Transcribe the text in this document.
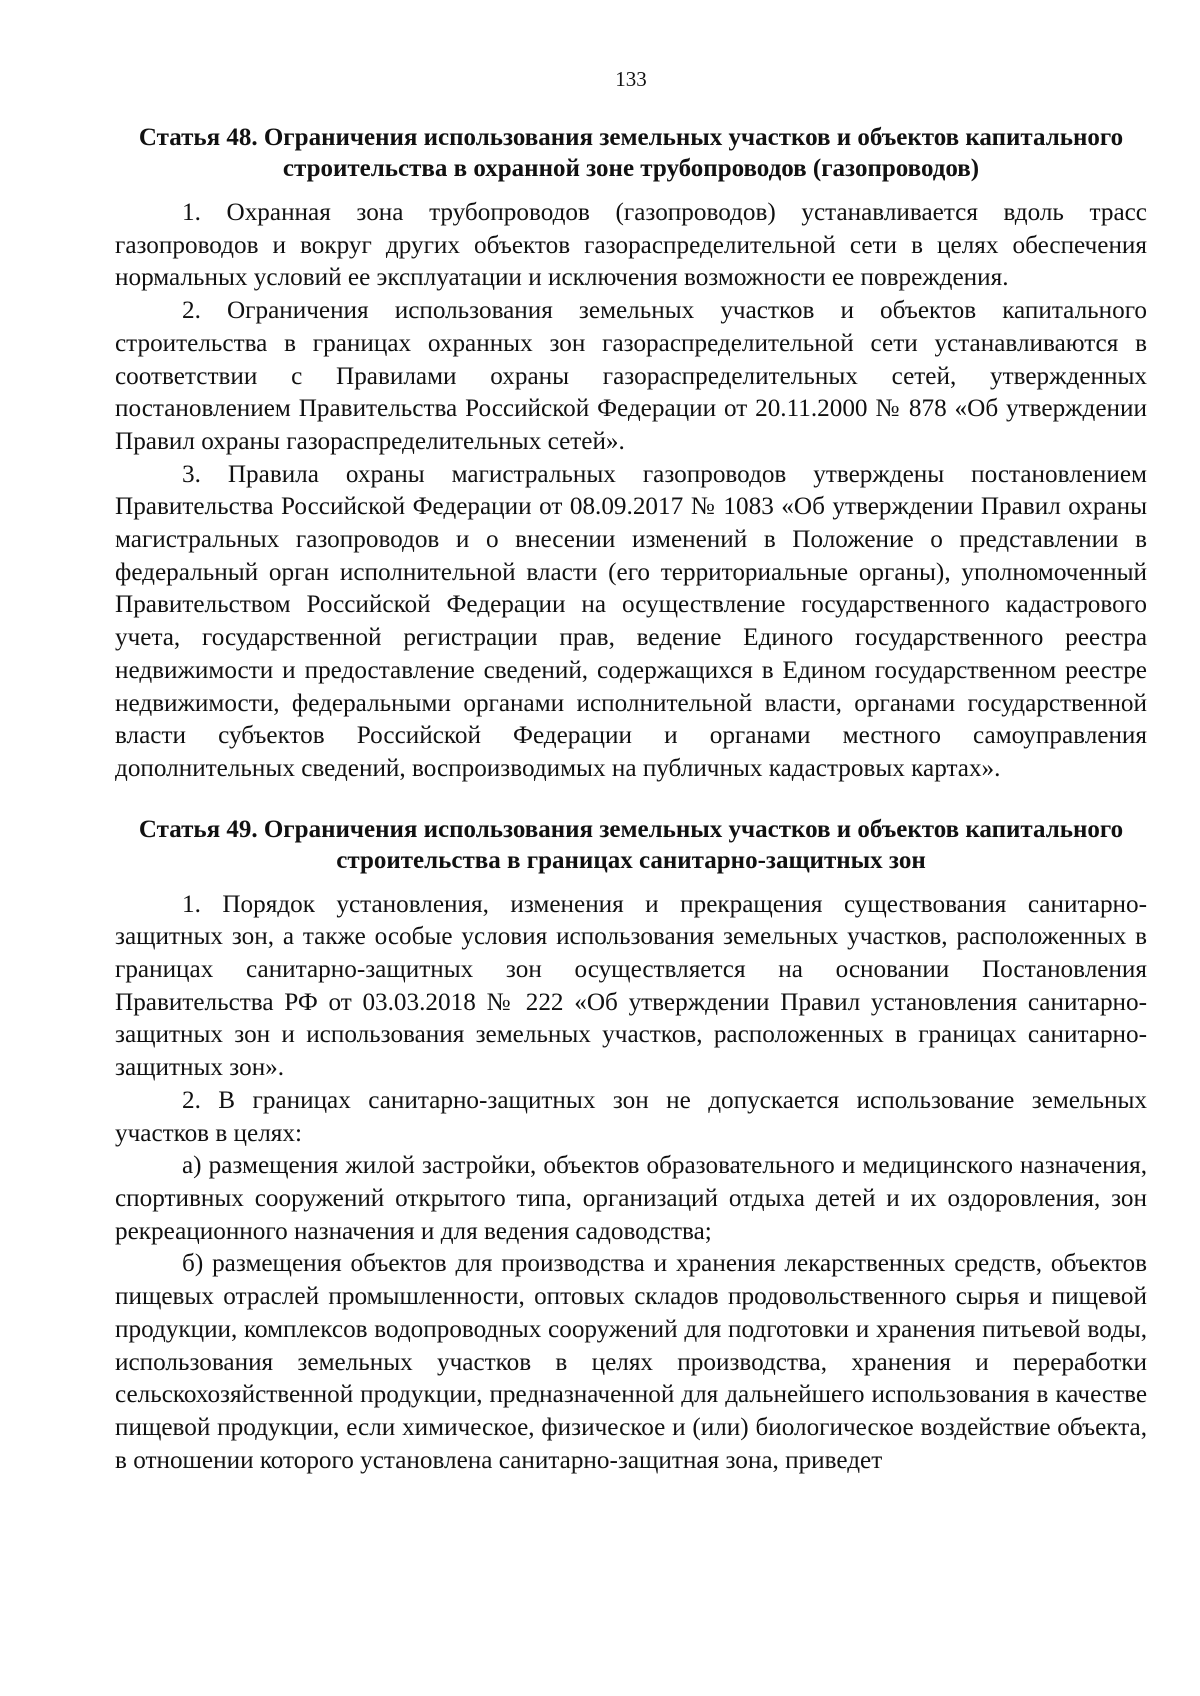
133
Статья 48. Ограничения использования земельных участков и объектов капитального строительства в охранной зоне трубопроводов (газопроводов)

1. Охранная зона трубопроводов (газопроводов) устанавливается вдоль трасс газопроводов и вокруг других объектов газораспределительной сети в целях обеспечения нормальных условий ее эксплуатации и исключения возможности ее повреждения.

2. Ограничения использования земельных участков и объектов капитального строительства в границах охранных зон газораспределительной сети устанавливаются в соответствии с Правилами охраны газораспределительных сетей, утвержденных постановлением Правительства Российской Федерации от 20.11.2000 № 878 «Об утверждении Правил охраны газораспределительных сетей».

3. Правила охраны магистральных газопроводов утверждены постановлением Правительства Российской Федерации от 08.09.2017 № 1083 «Об утверждении Правил охраны магистральных газопроводов и о внесении изменений в Положение о представлении в федеральный орган исполнительной власти (его территориальные органы), уполномоченный Правительством Российской Федерации на осуществление государственного кадастрового учета, государственной регистрации прав, ведение Единого государственного реестра недвижимости и предоставление сведений, содержащихся в Едином государственном реестре недвижимости, федеральными органами исполнительной власти, органами государственной власти субъектов Российской Федерации и органами местного самоуправления дополнительных сведений, воспроизводимых на публичных кадастровых картах».

Статья 49. Ограничения использования земельных участков и объектов капитального строительства в границах санитарно-защитных зон

1. Порядок установления, изменения и прекращения существования санитарно-защитных зон, а также особые условия использования земельных участков, расположенных в границах санитарно-защитных зон осуществляется на основании Постановления Правительства РФ от 03.03.2018 № 222 «Об утверждении Правил установления санитарно-защитных зон и использования земельных участков, расположенных в границах санитарно-защитных зон».

2. В границах санитарно-защитных зон не допускается использование земельных участков в целях:

а) размещения жилой застройки, объектов образовательного и медицинского назначения, спортивных сооружений открытого типа, организаций отдыха детей и их оздоровления, зон рекреационного назначения и для ведения садоводства;

б) размещения объектов для производства и хранения лекарственных средств, объектов пищевых отраслей промышленности, оптовых складов продовольственного сырья и пищевой продукции, комплексов водопроводных сооружений для подготовки и хранения питьевой воды, использования земельных участков в целях производства, хранения и переработки сельскохозяйственной продукции, предназначенной для дальнейшего использования в качестве пищевой продукции, если химическое, физическое и (или) биологическое воздействие объекта, в отношении которого установлена санитарно-защитная зона, приведет
